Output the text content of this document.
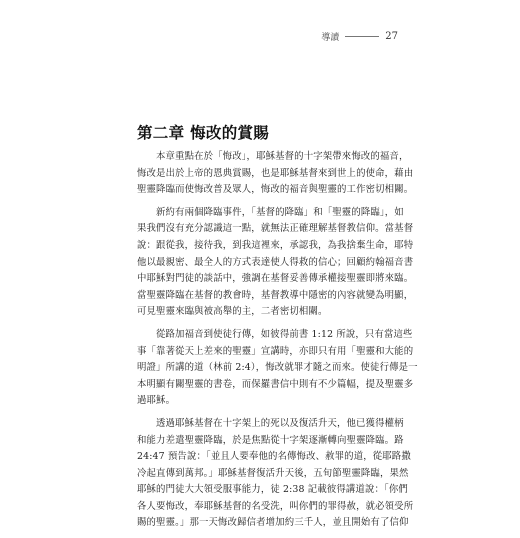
導讀	27
第二章 悔改的賞賜
本章重點在於「悔改」，耶穌基督的十字架帶來悔改的福音，
悔改是出於上帝的恩典賞賜，也是耶穌基督來到世上的使命，藉由
聖靈降臨而使悔改普及眾人，悔改的福音與聖靈的工作密切相關。
新約有兩個降臨事件，「基督的降臨」和「聖靈的降臨」，如
果我們沒有充分認識這一點，就無法正確理解基督教信仰。當基督
說：跟從我，接待我，到我這裡來，承認我，為我捨棄生命，耶特
他以最親密、最全人的方式表達使人得救的信心；回顧約翰福音書
中耶穌對門徒的談話中，強調在基督妥善傳承權接聖靈即將來臨。
當聖靈降臨在基督的教會時，基督教導中隱密的內容就變為明顯，
可見聖靈來臨與被高舉的主，二者密切相關。
從路加福音到使徒行傳，如彼得前書 1:12 所說，只有當這些
事「靠著從天上差來的聖靈」宣講時，亦即只有用「聖靈和大能的
明證」所講的道（林前 2:4），悔改就罪才隨之而來。使徒行傳是一
本明顯有關聖靈的書卷，而保羅書信中則有不少篇幅，提及聖靈多
過耶穌。
透過耶穌基督在十字架上的死以及復活升天，他已獲得權柄
和能力差遣聖靈降臨，於是焦點從十字架逐漸轉向聖靈降臨。路
24:47 預告說：「並且人要奉他的名傳悔改、赦罪的道，從耶路撒
冷起直傳到萬邦。」耶穌基督復活升天後，五旬節聖靈降臨，果然
耶穌的門徒大大領受服事能力，徒 2:38 記載彼得講道說：「你們
各人要悔改，奉耶穌基督的名受洗，叫你們的罪得赦，就必領受所
賜的聖靈。」那一天悔改歸信者增加約三千人，並且開始有了信仰
